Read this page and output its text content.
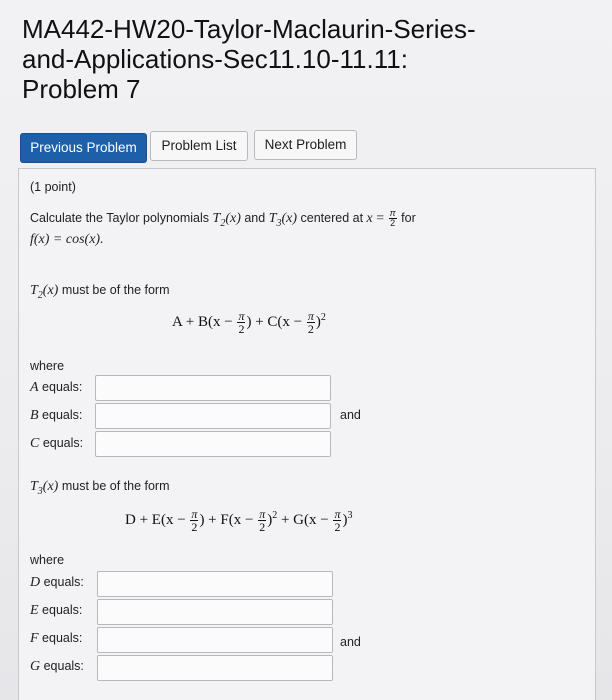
MA442-HW20-Taylor-Maclaurin-Series-
and-Applications-Sec11.10-11.11:
Problem 7
Previous Problem	Problem List	Next Problem
(1 point)
Calculate the Taylor polynomials $T_2(x)$ and $T_3(x)$ centered at $x = \frac{\pi}{2}$ for
f(x) = cos(x).
$T_2(x)$ must be of the form
$A + B(x - \frac{\pi}{2}$ ) + $C(x - \frac{\pi}{2} )^2$
where
A equals:
B equals:	and
C equals:
$T_3(x)$ must be of the form
$D + E(x - \frac{\pi}{2}$ ) + $F(x - \frac{\pi}{2} )^2 + G(x - \frac{\pi}{2} )^3$
where
D equals:
E equals:
F equals:	and
G equals:
